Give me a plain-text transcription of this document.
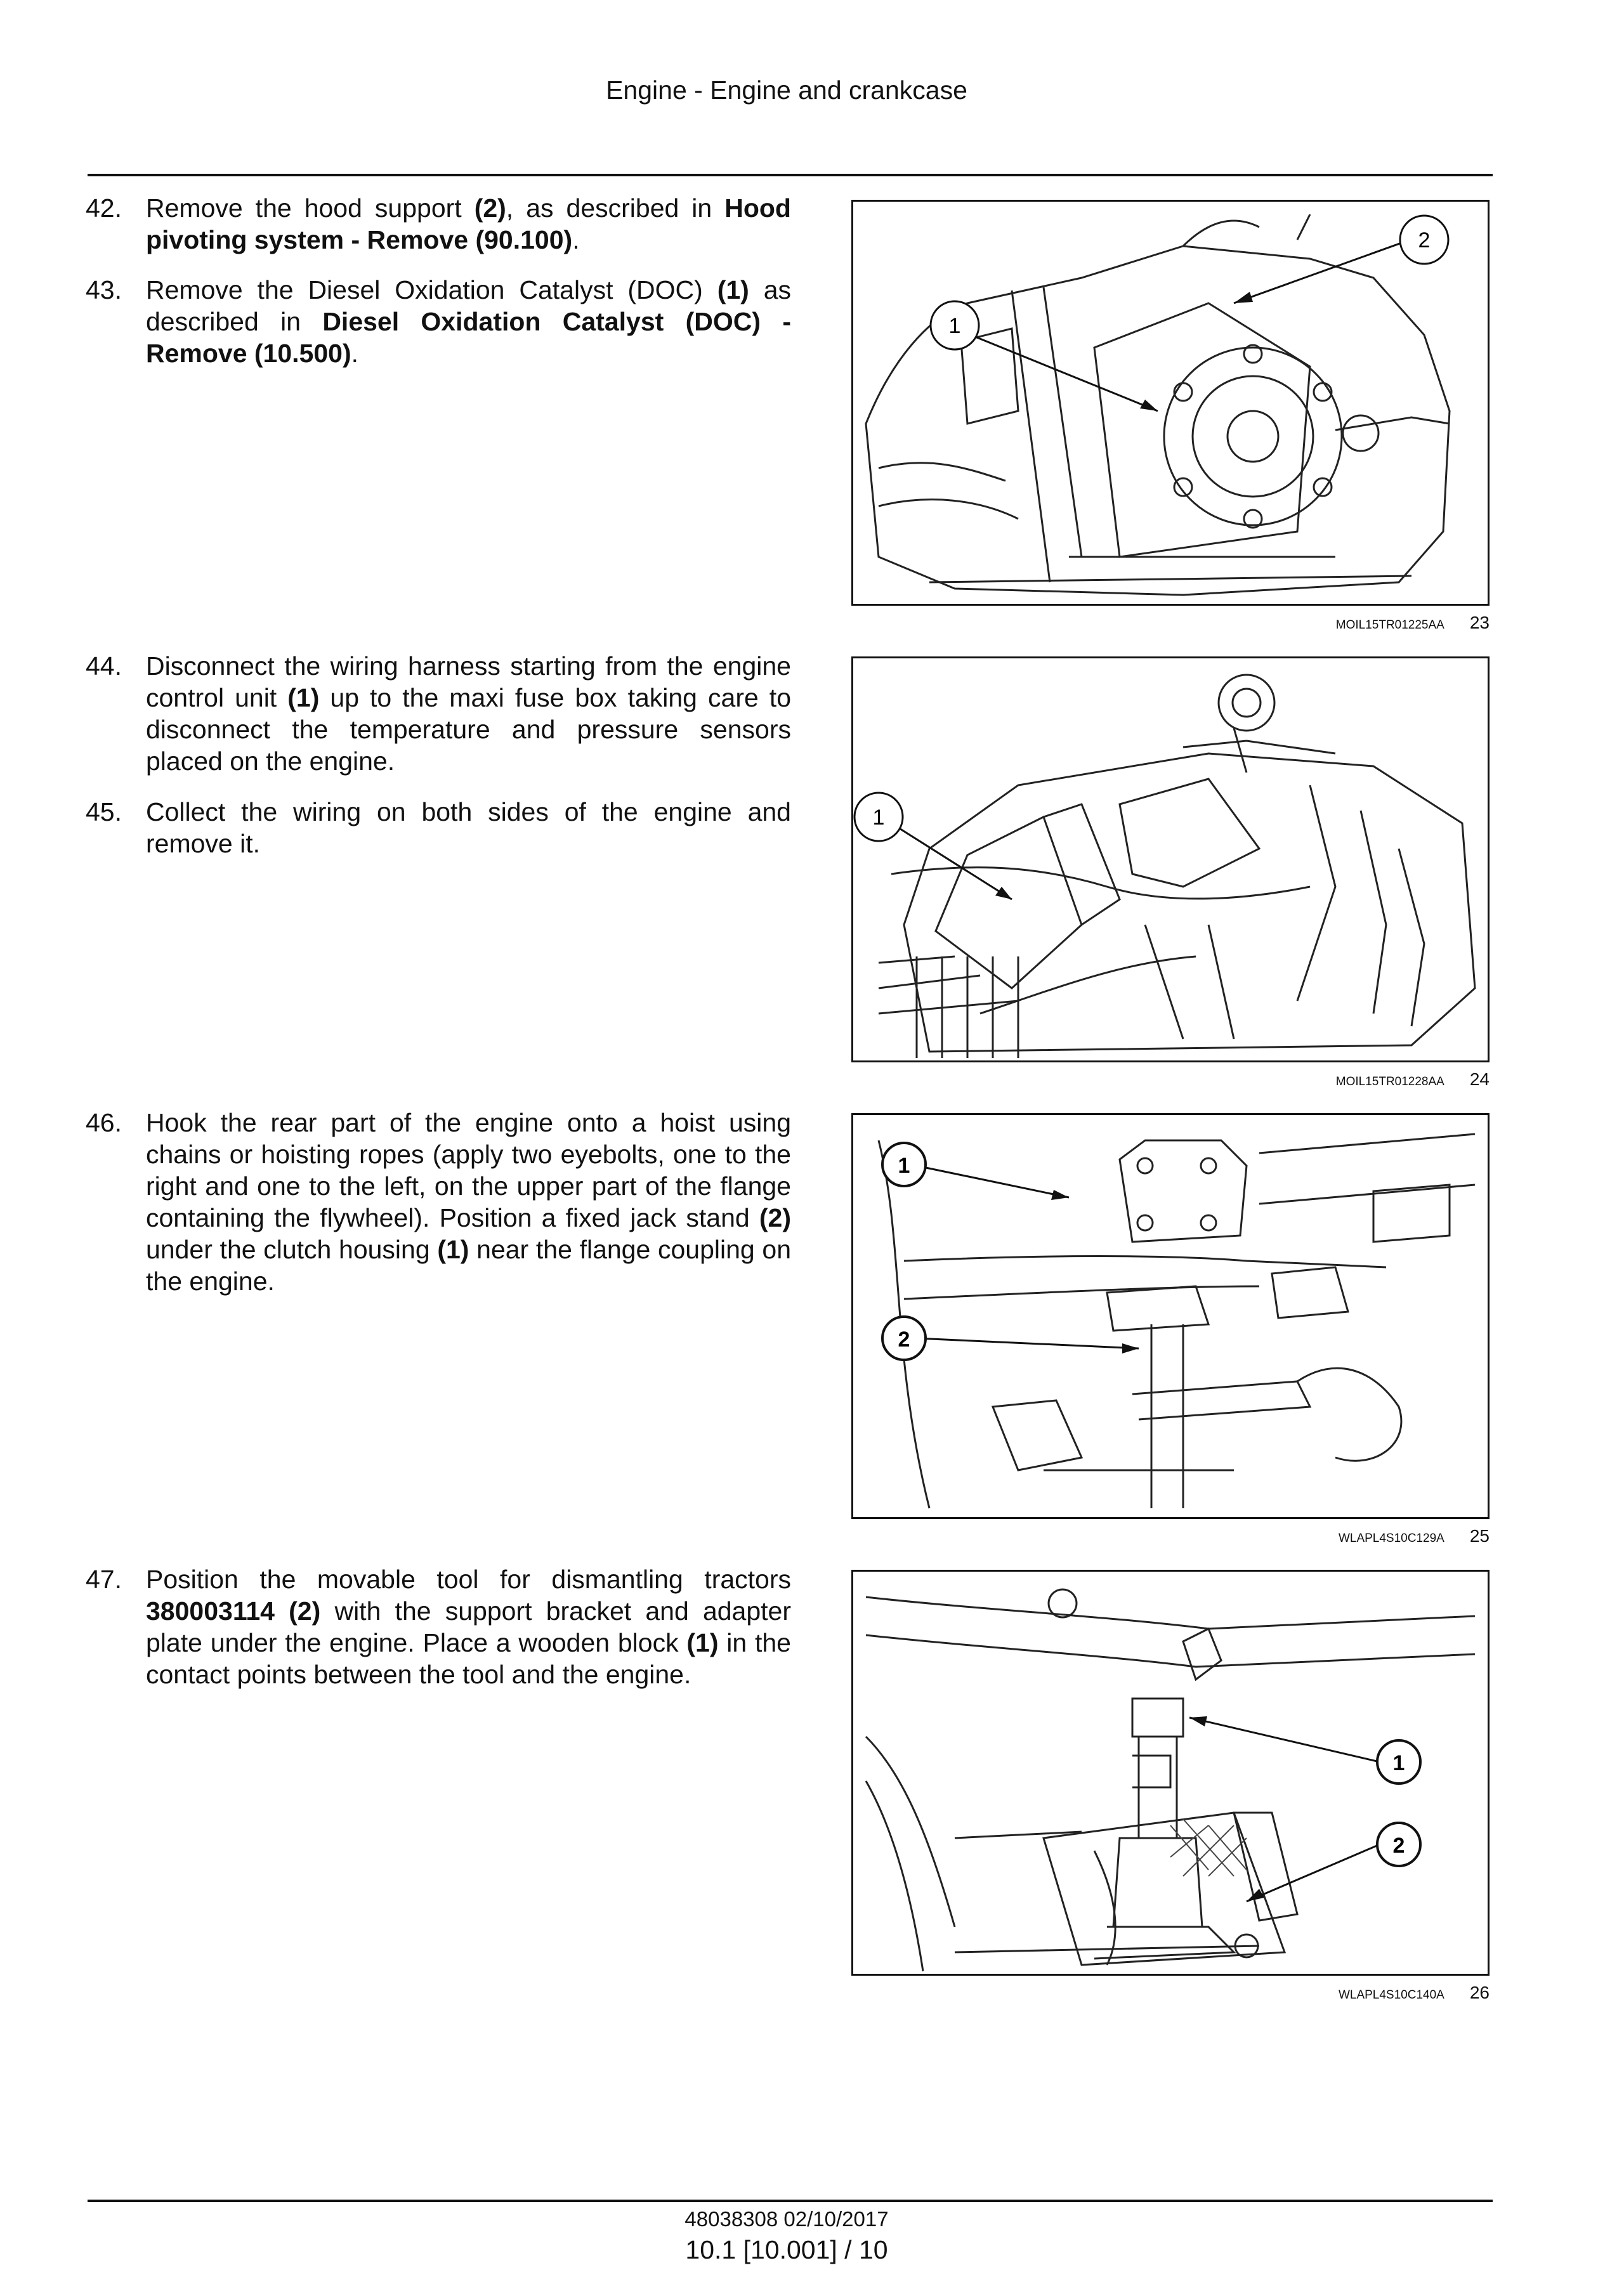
Engine - Engine and crankcase
42. Remove the hood support (2), as described in Hood pivoting system - Remove (90.100).
43. Remove the Diesel Oxidation Catalyst (DOC) (1) as described in Diesel Oxidation Catalyst (DOC) - Remove (10.500).
2
1
MOIL15TR01225AA 23
44. Disconnect the wiring harness starting from the engine control unit (1) up to the maxi fuse box taking care to disconnect the temperature and pressure sensors placed on the engine.
45. Collect the wiring on both sides of the engine and remove it.
1
MOIL15TR01228AA 24
46. Hook the rear part of the engine onto a hoist using chains or hoisting ropes (apply two eyebolts, one to the right and one to the left, on the upper part of the flange containing the flywheel). Position a fixed jack stand (2) under the clutch housing (1) near the flange coupling on the engine.
1
2
WLAPL4S10C129A 25
47. Position the movable tool for dismantling tractors 380003114 (2) with the support bracket and adapter plate under the engine. Place a wooden block (1) in the contact points between the tool and the engine.
1
2
WLAPL4S10C140A 26
48038308 02/10/2017
10.1 [10.001] / 10
